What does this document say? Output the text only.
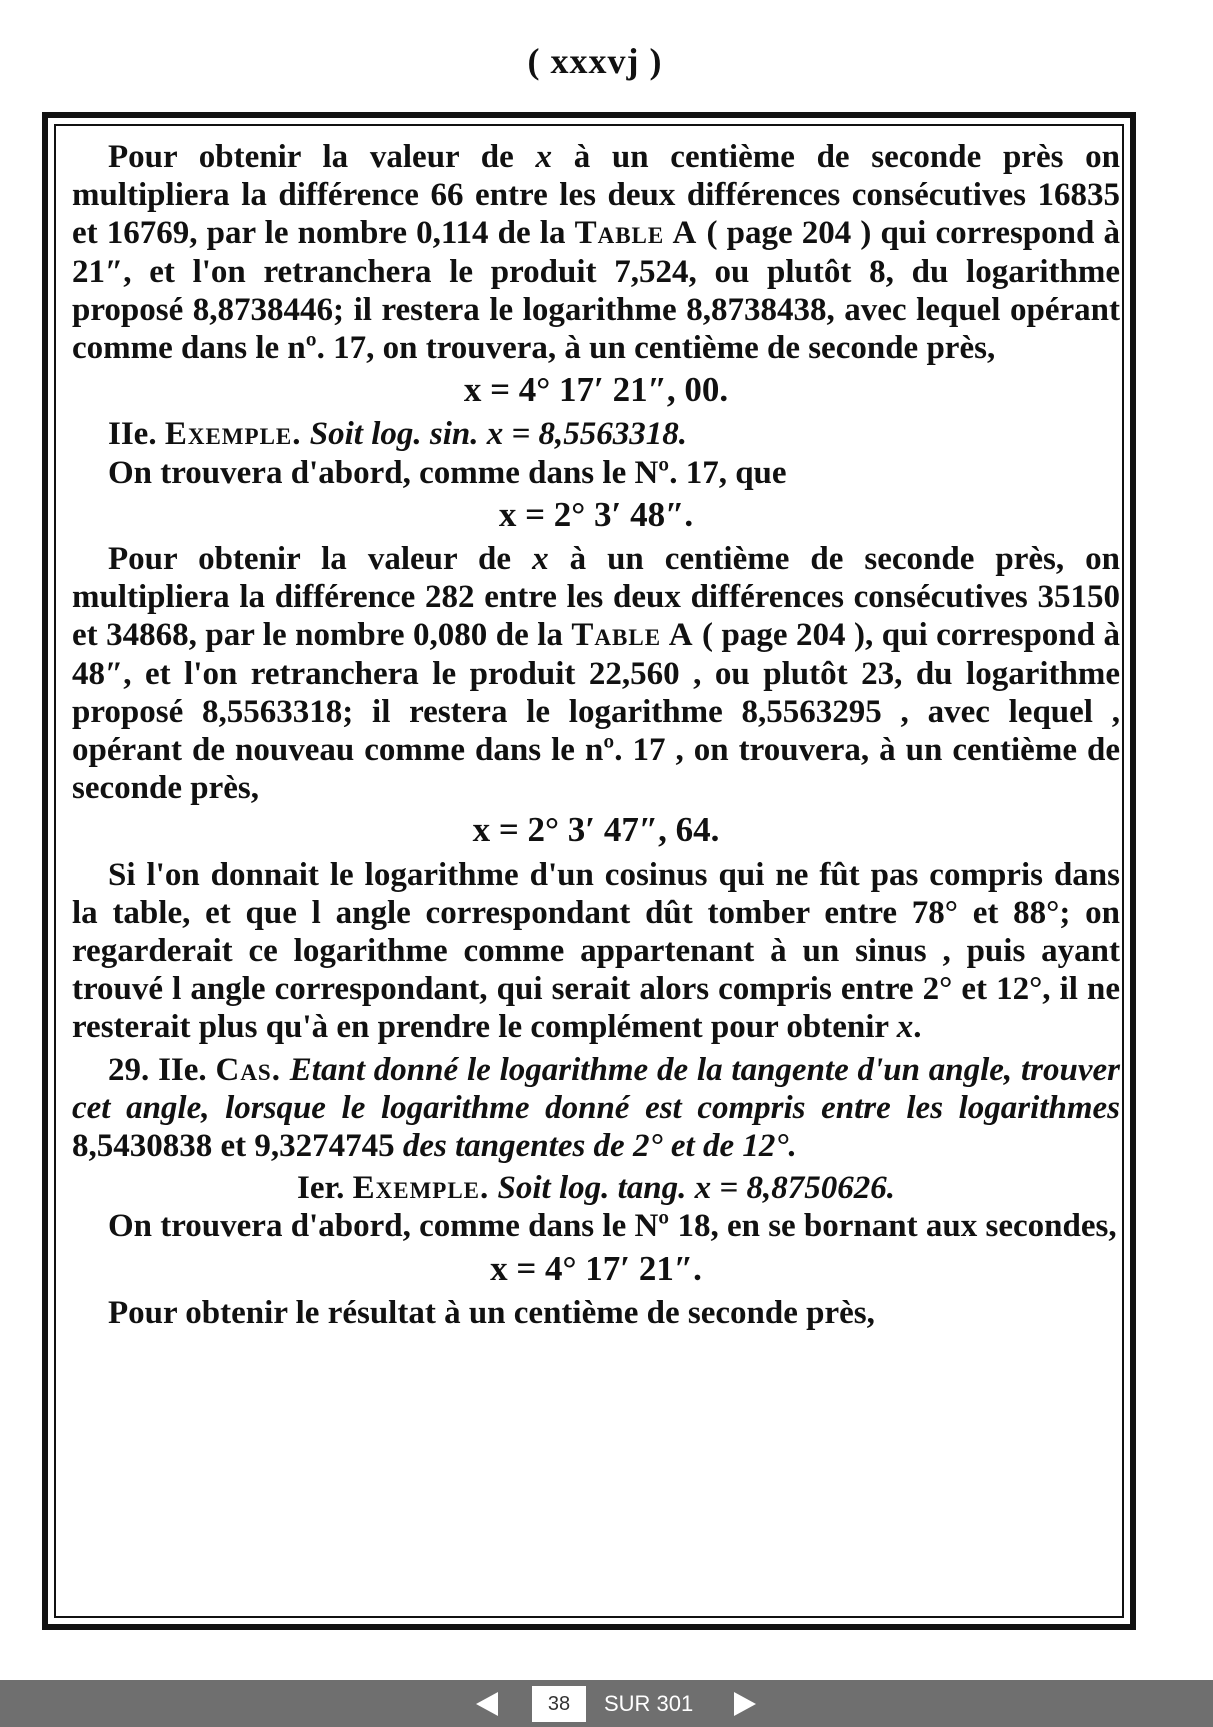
( xxxvj )

Pour obtenir la valeur de x à un centième de seconde près on multipliera la différence 66 entre les deux différences consécutives 16835 et 16769, par le nombre 0,114 de la Table A ( page 204 ) qui correspond à 21″, et l'on retranchera le produit 7,524, ou plutôt 8, du logarithme proposé 8,8738446; il restera le logarithme 8,8738438, avec lequel opérant comme dans le nº. 17, on trouvera, à un centième de seconde près,

x = 4° 17′ 21″, 00.

IIe. Exemple. Soit log. sin. x = 8,5563318.

On trouvera d'abord, comme dans le Nº. 17, que

x = 2° 3′ 48″.

Pour obtenir la valeur de x à un centième de seconde près, on multipliera la différence 282 entre les deux différences consécutives 35150 et 34868, par le nombre 0,080 de la Table A ( page 204 ), qui correspond à 48″, et l'on retranchera le produit 22,560 , ou plutôt 23, du logarithme proposé 8,5563318; il restera le logarithme 8,5563295 , avec lequel , opérant de nouveau comme dans le nº. 17 , on trouvera, à un centième de seconde près,

x = 2° 3′ 47″, 64.

Si l'on donnait le logarithme d'un cosinus qui ne fût pas compris dans la table, et que l angle correspondant dût tomber entre 78° et 88°; on regarderait ce logarithme comme appartenant à un sinus , puis ayant trouvé l angle correspondant, qui serait alors compris entre 2° et 12°, il ne resterait plus qu'à en prendre le complément pour obtenir x.

29. IIe. Cas. Etant donné le logarithme de la tangente d'un angle, trouver cet angle, lorsque le logarithme donné est compris entre les logarithmes 8,5430838 et 9,3274745 des tangentes de 2° et de 12°.

Ier. Exemple. Soit log. tang. x = 8,8750626.

On trouvera d'abord, comme dans le Nº 18, en se bornant aux secondes,

x = 4° 17′ 21″.

Pour obtenir le résultat à un centième de seconde près,

38
SUR 301
